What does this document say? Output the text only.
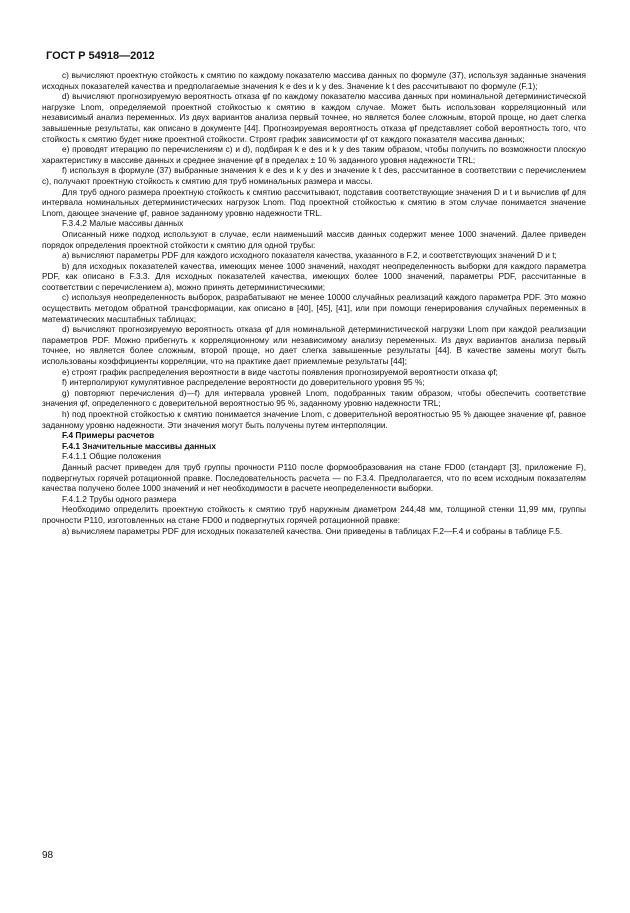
ГОСТ Р 54918—2012

c) вычисляют проектную стойкость к смятию по каждому показателю массива данных по формуле (37), используя заданные значения исходных показателей качества и предполагаемые значения k e des и k y des. Значение k t des рассчитывают по формуле (F.1);

d) вычисляют прогнозируемую вероятность отказа φf по каждому показателю массива данных при номинальной детерминистической нагрузке Lnom, определяемой проектной стойкостью к смятию в каждом случае. Может быть использован корреляционный или независимый анализ переменных. Из двух вариантов анализа первый точнее, но является более сложным, второй проще, но дает слегка завышенные результаты, как описано в документе [44]. Прогнозируемая вероятность отказа φf представляет собой вероятность того, что стойкость к смятию будет ниже проектной стойкости. Строят график зависимости φf от каждого показателя массива данных;

e) проводят итерацию по перечислениям c) и d), подбирая k e des и k y des таким образом, чтобы получить по возможности плоскую характеристику в массиве данных и среднее значение φf в пределах ± 10 % заданного уровня надежности TRL;

f) используя в формуле (37) выбранные значения k e des и k y des и значение k t des, рассчитанное в соответствии с перечислением c), получают проектную стойкость к смятию для труб номинальных размера и массы.

Для труб одного размера проектную стойкость к смятию рассчитывают, подставив соответствующие значения D и t и вычислив φf для интервала номинальных детерминистических нагрузок Lnom. Под проектной стойкостью к смятию в этом случае понимается значение Lnom, дающее значение φf, равное заданному уровню надежности TRL.

F.3.4.2 Малые массивы данных

Описанный ниже подход используют в случае, если наименьший массив данных содержит менее 1000 значений. Далее приведен порядок определения проектной стойкости к смятию для одной трубы:

a) вычисляют параметры PDF для каждого исходного показателя качества, указанного в F.2, и соответствующих значений D и t;

b) для исходных показателей качества, имеющих менее 1000 значений, находят неопределенность выборки для каждого параметра PDF, как описано в F.3.3. Для исходных показателей качества, имеющих более 1000 значений, параметры PDF, рассчитанные в соответствии с перечислением a), можно принять детерминистическими;

c) используя неопределенность выборок, разрабатывают не менее 10000 случайных реализаций каждого параметра PDF. Это можно осуществить методом обратной трансформации, как описано в [40], [45], [41], или при помощи генерирования случайных переменных в математических масштабных таблицах;

d) вычисляют прогнозируемую вероятность отказа φf для номинальной детерминистической нагрузки Lnom при каждой реализации параметров PDF. Можно прибегнуть к корреляционному или независимому анализу переменных. Из двух вариантов анализа первый точнее, но является более сложным, второй проще, но дает слегка завышенные результаты [44]. В качестве замены могут быть использованы коэффициенты корреляции, что на практике дает приемлемые результаты [44];

e) строят график распределения вероятности в виде частоты появления прогнозируемой вероятности отказа φf;

f) интерполируют кумулятивное распределение вероятности до доверительного уровня 95 %;

g) повторяют перечисления d)—f) для интервала уровней Lnom, подобранных таким образом, чтобы обеспечить соответствие значения φf, определенного с доверительной вероятностью 95 %, заданному уровню надежности TRL;

h) под проектной стойкостью к смятию понимается значение Lnom, с доверительной вероятностью 95 % дающее значение φf, равное заданному уровню надежности. Эти значения могут быть получены путем интерполяции.

F.4 Примеры расчетов

F.4.1 Значительные массивы данных

F.4.1.1 Общие положения

Данный расчет приведен для труб группы прочности P110 после формообразования на стане FD00 (стандарт [3], приложение F), подвергнутых горячей ротационной правке. Последовательность расчета — по F.3.4. Предполагается, что по всем исходным показателям качества получено более 1000 значений и нет необходимости в расчете неопределенности выборки.

F.4.1.2 Трубы одного размера

Необходимо определить проектную стойкость к смятию труб наружным диаметром 244,48 мм, толщиной стенки 11,99 мм, группы прочности P110, изготовленных на стане FD00 и подвергнутых горячей ротационной правке:

a) вычисляем параметры PDF для исходных показателей качества. Они приведены в таблицах F.2—F.4 и собраны в таблице F.5.

98
